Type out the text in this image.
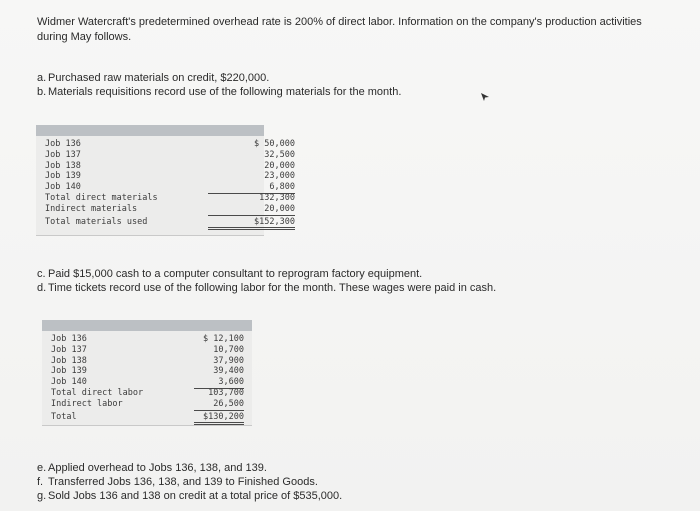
Widmer Watercraft's predetermined overhead rate is 200% of direct labor. Information on the company's production activities during May follows.
a. Purchased raw materials on credit, $220,000.
b. Materials requisitions record use of the following materials for the month.
Job 136	$ 50,000
Job 137	32,500
Job 138	20,000
Job 139	23,000
Job 140	6,800
Total direct materials	132,300
Indirect materials	20,000
Total materials used	$152,300
c. Paid $15,000 cash to a computer consultant to reprogram factory equipment.
d. Time tickets record use of the following labor for the month. These wages were paid in cash.
Job 136	$ 12,100
Job 137	10,700
Job 138	37,900
Job 139	39,400
Job 140	3,600
Total direct labor	103,700
Indirect labor	26,500
Total	$130,200
e. Applied overhead to Jobs 136, 138, and 139.
f. Transferred Jobs 136, 138, and 139 to Finished Goods.
g. Sold Jobs 136 and 138 on credit at a total price of $535,000.
